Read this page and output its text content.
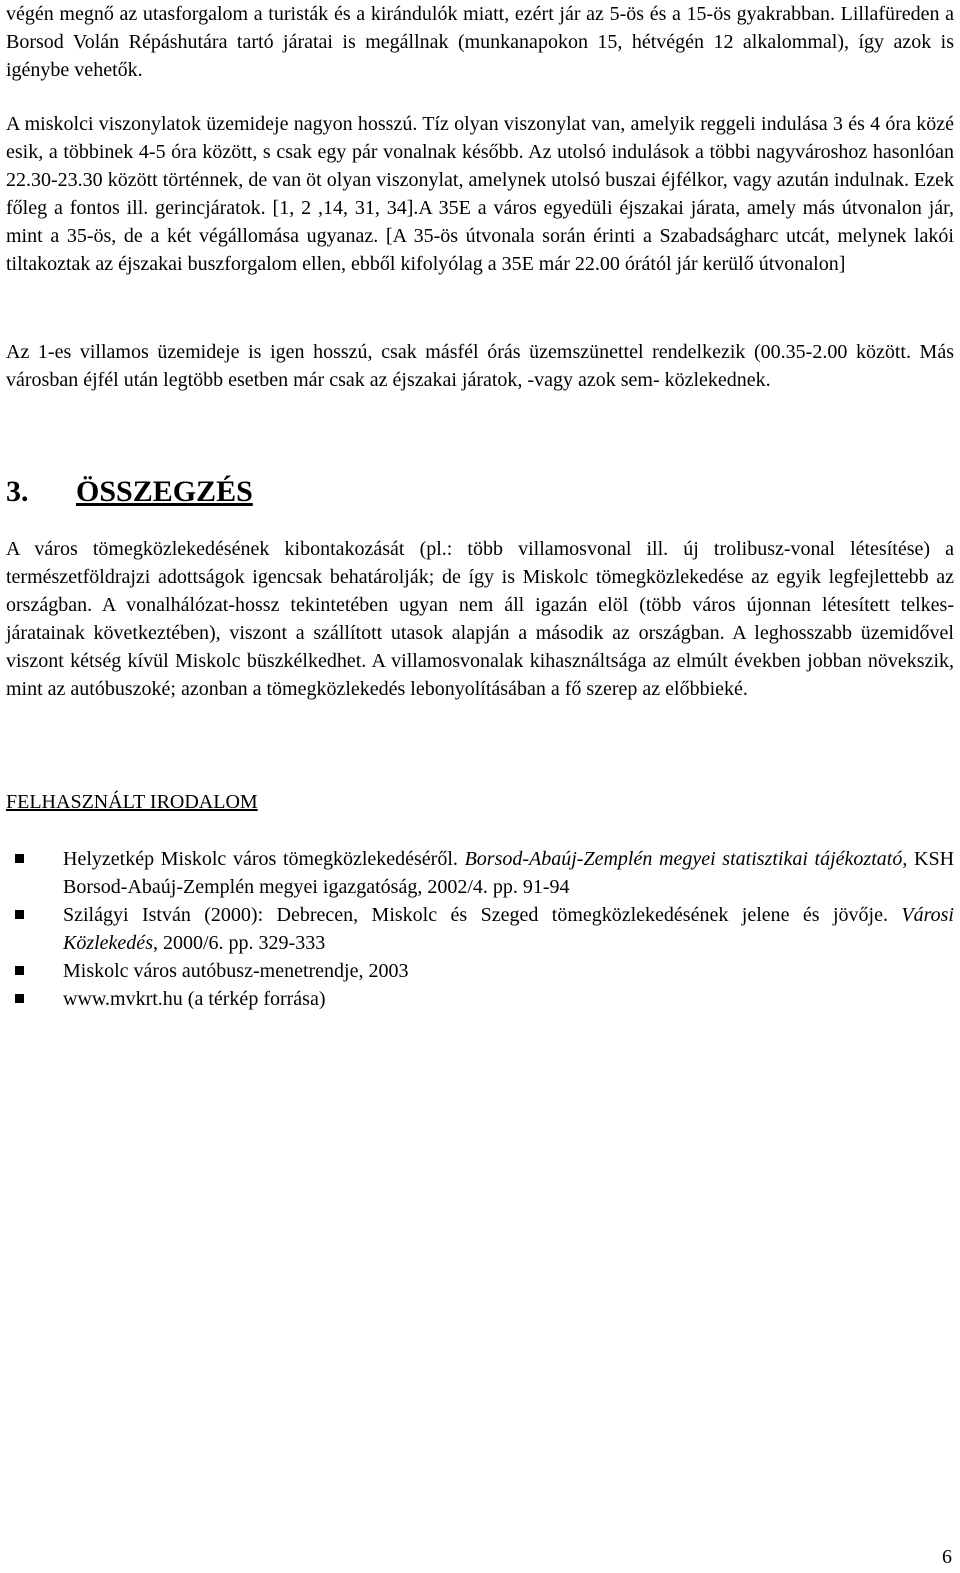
végén megnő az utasforgalom a turisták és a kirándulók miatt, ezért jár az 5-ös és a 15-ös gyakrabban. Lillafüreden a Borsod Volán Répáshutára tartó járatai is megállnak (munkanapokon 15, hétvégén 12 alkalommal), így azok is igénybe vehetők.

A miskolci viszonylatok üzemideje nagyon hosszú. Tíz olyan viszonylat van, amelyik reggeli indulása 3 és 4 óra közé esik, a többinek 4-5 óra között, s csak egy pár vonalnak később. Az utolsó indulások a többi nagyvároshoz hasonlóan 22.30-23.30 között történnek, de van öt olyan viszonylat, amelynek utolsó buszai éjfélkor, vagy azután indulnak. Ezek főleg a fontos ill. gerincjáratok. [1, 2 ,14, 31, 34].A 35E a város egyedüli éjszakai járata, amely más útvonalon jár, mint a 35-ös, de a két végállomása ugyanaz. [A 35-ös útvonala során érinti a Szabadságharc utcát, melynek lakói tiltakoztak az éjszakai buszforgalom ellen, ebből kifolyólag a 35E már 22.00 órától jár kerülő útvonalon]

Az 1-es villamos üzemideje is igen hosszú, csak másfél órás üzemszünettel rendelkezik (00.35-2.00 között. Más városban éjfél után legtöbb esetben már csak az éjszakai járatok, -vagy azok sem- közlekednek.

3. ÖSSZEGZÉS

A város tömegközlekedésének kibontakozását (pl.: több villamosvonal ill. új trolibusz-vonal létesítése) a természetföldrajzi adottságok igencsak behatárolják; de így is Miskolc tömegközlekedése az egyik legfejlettebb az országban. A vonalhálózat-hossz tekintetében ugyan nem áll igazán elöl (több város újonnan létesített telkes-járatainak következtében), viszont a szállított utasok alapján a második az országban. A leghosszabb üzemidővel viszont kétség kívül Miskolc büszkélkedhet. A villamosvonalak kihasználtsága az elmúlt években jobban növekszik, mint az autóbuszoké; azonban a tömegközlekedés lebonyolításában a fő szerep az előbbieké.

FELHASZNÁLT IRODALOM
Helyzetkép Miskolc város tömegközlekedéséről. Borsod-Abaúj-Zemplén megyei statisztikai tájékoztató, KSH Borsod-Abaúj-Zemplén megyei igazgatóság, 2002/4. pp. 91-94
Szilágyi István (2000): Debrecen, Miskolc és Szeged tömegközlekedésének jelene és jövője. Városi Közlekedés, 2000/6. pp. 329-333
Miskolc város autóbusz-menetrendje, 2003
www.mvkrt.hu (a térkép forrása)

6
